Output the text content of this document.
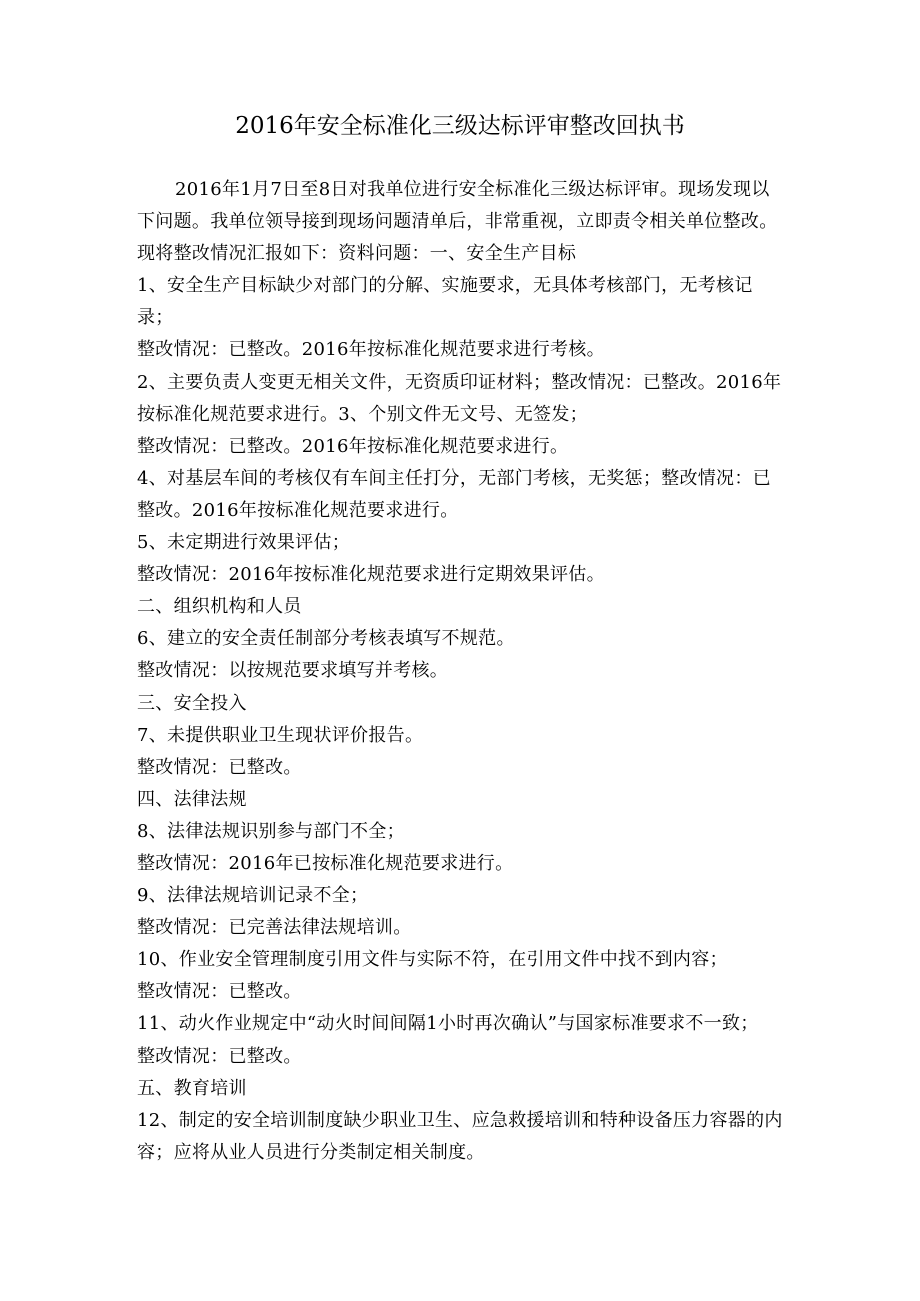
2016年安全标准化三级达标评审整改回执书

2016年1月7日至8日对我单位进行安全标准化三级达标评审。现场发现以下问题。我单位领导接到现场问题清单后，非常重视，立即责令相关单位整改。现将整改情况汇报如下：资料问题：一、安全生产目标

1、安全生产目标缺少对部门的分解、实施要求，无具体考核部门，无考核记录；

整改情况：已整改。2016年按标准化规范要求进行考核。

2、主要负责人变更无相关文件，无资质印证材料；整改情况：已整改。2016年按标准化规范要求进行。3、个别文件无文号、无签发；

整改情况：已整改。2016年按标准化规范要求进行。

4、对基层车间的考核仅有车间主任打分，无部门考核，无奖惩；整改情况：已整改。2016年按标准化规范要求进行。

5、未定期进行效果评估；

整改情况：2016年按标准化规范要求进行定期效果评估。

二、组织机构和人员

6、建立的安全责任制部分考核表填写不规范。

整改情况：以按规范要求填写并考核。

三、安全投入

7、未提供职业卫生现状评价报告。

整改情况：已整改。

四、法律法规

8、法律法规识别参与部门不全；

整改情况：2016年已按标准化规范要求进行。

9、法律法规培训记录不全；

整改情况：已完善法律法规培训。

10、作业安全管理制度引用文件与实际不符，在引用文件中找不到内容；

整改情况：已整改。

11、动火作业规定中“动火时间间隔1小时再次确认”与国家标准要求不一致；

整改情况：已整改。

五、教育培训

12、制定的安全培训制度缺少职业卫生、应急救援培训和特种设备压力容器的内容；应将从业人员进行分类制定相关制度。
